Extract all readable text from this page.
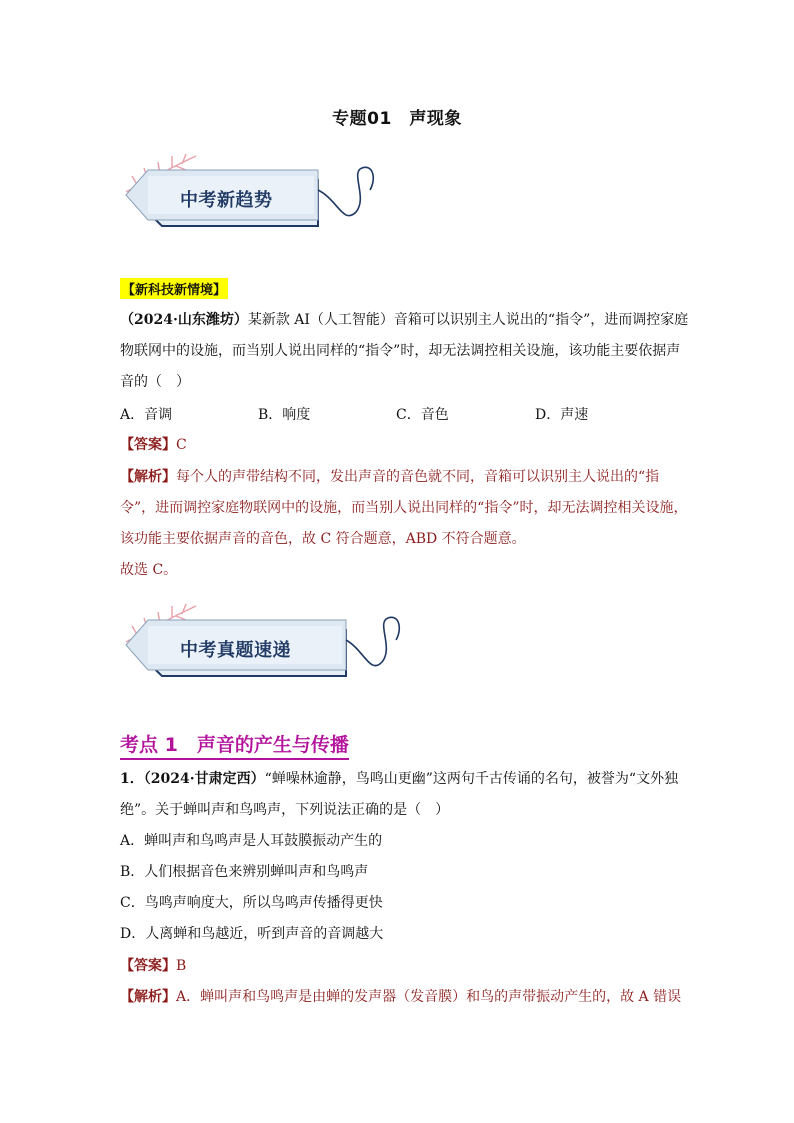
专题01　声现象
中考新趋势
【新科技新情境】
（2024·山东潍坊）某新款 AI（人工智能）音箱可以识别主人说出的“指令”，进而调控家庭
物联网中的设施，而当别人说出同样的“指令”时，却无法调控相关设施，该功能主要依据声
音的（　）
A．音调	B．响度	C．音色	D．声速
【答案】C
【解析】每个人的声带结构不同，发出声音的音色就不同，音箱可以识别主人说出的“指
令”，进而调控家庭物联网中的设施，而当别人说出同样的“指令”时，却无法调控相关设施，
该功能主要依据声音的音色，故 C 符合题意，ABD 不符合题意。
故选 C。
中考真题速递
考点 1　声音的产生与传播
1．（2024·甘肃定西）“蝉噪林逾静，鸟鸣山更幽”这两句千古传诵的名句，被誉为“文外独
绝”。关于蝉叫声和鸟鸣声，下列说法正确的是（　）
A．蝉叫声和鸟鸣声是人耳鼓膜振动产生的
B．人们根据音色来辨别蝉叫声和鸟鸣声
C．鸟鸣声响度大，所以鸟鸣声传播得更快
D．人离蝉和鸟越近，听到声音的音调越大
【答案】B
【解析】A．蝉叫声和鸟鸣声是由蝉的发声器（发音膜）和鸟的声带振动产生的，故 A 错误
